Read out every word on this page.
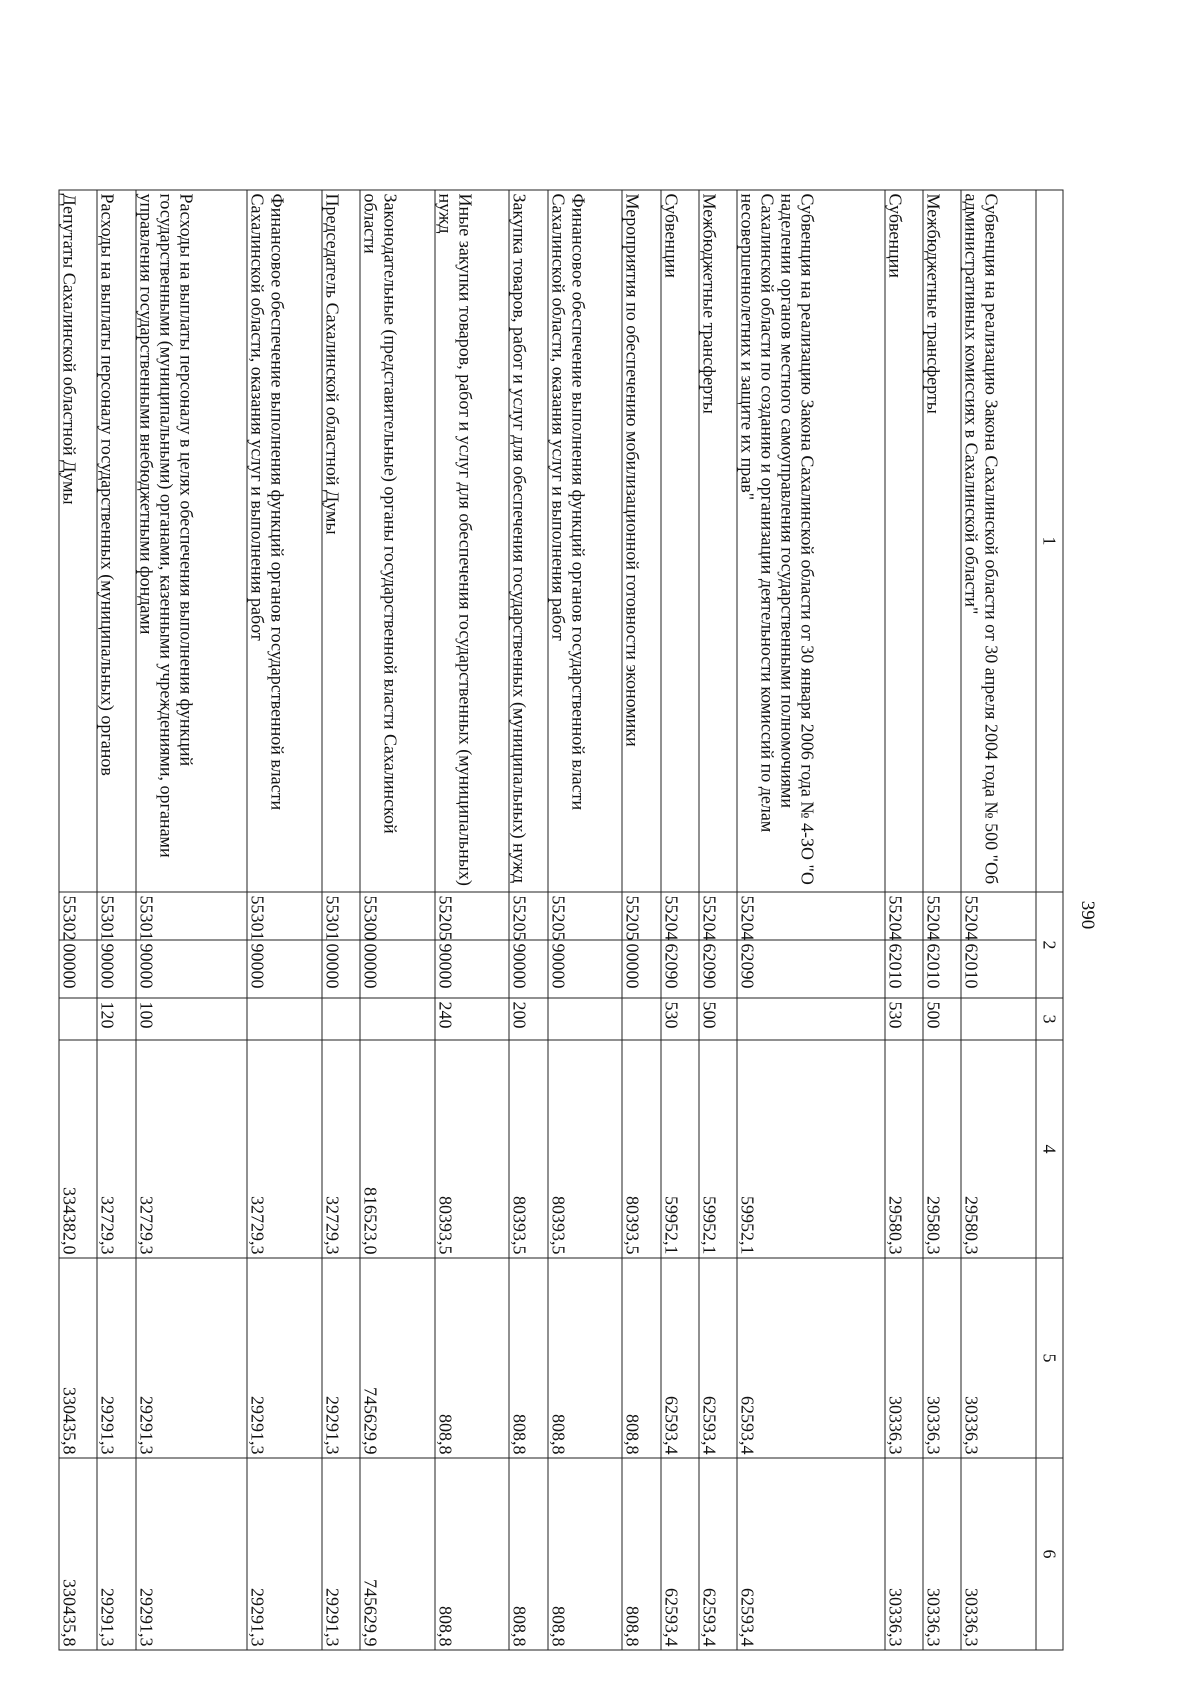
390
1	2		3	4	5	6
Субвенция на реализацию Закона Сахалинской области от 30 апреля 2004 года № 500 "Об административных комиссиях в Сахалинской области"	55204	62010		29580,3	30336,3	30336,3
Межбюджетные трансферты	55204	62010	500	29580,3	30336,3	30336,3
Субвенции	55204	62010	530	29580,3	30336,3	30336,3
Субвенция на реализацию Закона Сахалинской области от 30 января 2006 года № 4-ЗО "О наделении органов местного самоуправления государственными полномочиями Сахалинской области по созданию и организации деятельности комиссий по делам несовершеннолетних и защите их прав"	55204	62090		59952,1	62593,4	62593,4
Межбюджетные трансферты	55204	62090	500	59952,1	62593,4	62593,4
Субвенции	55204	62090	530	59952,1	62593,4	62593,4
Мероприятия по обеспечению мобилизационной готовности экономики	55205	00000		80393,5	808,8	808,8
Финансовое обеспечение выполнения функций органов государственной власти Сахалинской области, оказания услуг и выполнения работ	55205	90000		80393,5	808,8	808,8
Закупка товаров, работ и услуг для обеспечения государственных (муниципальных) нужд	55205	90000	200	80393,5	808,8	808,8
Иные закупки товаров, работ и услуг для обеспечения государственных (муниципальных) нужд	55205	90000	240	80393,5	808,8	808,8
Законодательные (представительные) органы государственной власти Сахалинской области	55300	00000		816523,0	745629,9	745629,9
Председатель Сахалинской областной Думы	55301	00000		32729,3	29291,3	29291,3
Финансовое обеспечение выполнения функций органов государственной власти Сахалинской области, оказания услуг и выполнения работ	55301	90000		32729,3	29291,3	29291,3
Расходы на выплаты персоналу в целях обеспечения выполнения функций государственными (муниципальными) органами, казенными учреждениями, органами управления государственными внебюджетными фондами	55301	90000	100	32729,3	29291,3	29291,3
Расходы на выплаты персоналу государственных (муниципальных) органов	55301	90000	120	32729,3	29291,3	29291,3
Депутаты Сахалинской областной Думы	55302	00000		334382,0	330435,8	330435,8
